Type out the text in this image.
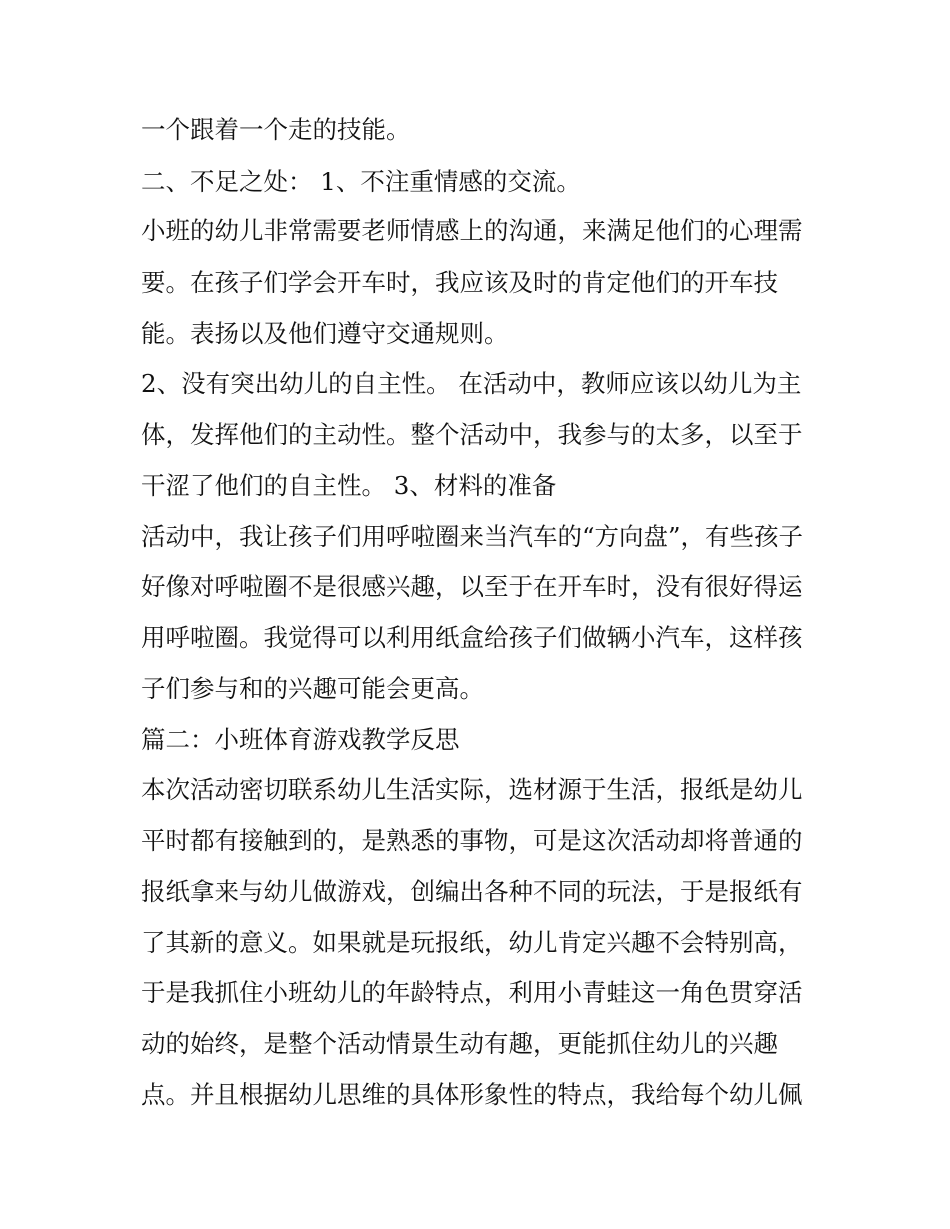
一个跟着一个走的技能。
二、不足之处： 1、不注重情感的交流。
小班的幼儿非常需要老师情感上的沟通，来满足他们的心理需
要。在孩子们学会开车时，我应该及时的肯定他们的开车技
能。表扬以及他们遵守交通规则。
2、没有突出幼儿的自主性。 在活动中，教师应该以幼儿为主
体，发挥他们的主动性。整个活动中，我参与的太多，以至于
干涩了他们的自主性。 3、材料的准备
活动中，我让孩子们用呼啦圈来当汽车的“方向盘”，有些孩子
好像对呼啦圈不是很感兴趣，以至于在开车时，没有很好得运
用呼啦圈。我觉得可以利用纸盒给孩子们做辆小汽车，这样孩
子们参与和的兴趣可能会更高。
篇二：小班体育游戏教学反思
本次活动密切联系幼儿生活实际，选材源于生活，报纸是幼儿
平时都有接触到的，是熟悉的事物，可是这次活动却将普通的
报纸拿来与幼儿做游戏，创编出各种不同的玩法，于是报纸有
了其新的意义。如果就是玩报纸，幼儿肯定兴趣不会特别高，
于是我抓住小班幼儿的年龄特点，利用小青蛙这一角色贯穿活
动的始终，是整个活动情景生动有趣，更能抓住幼儿的兴趣
点。并且根据幼儿思维的具体形象性的特点，我给每个幼儿佩
